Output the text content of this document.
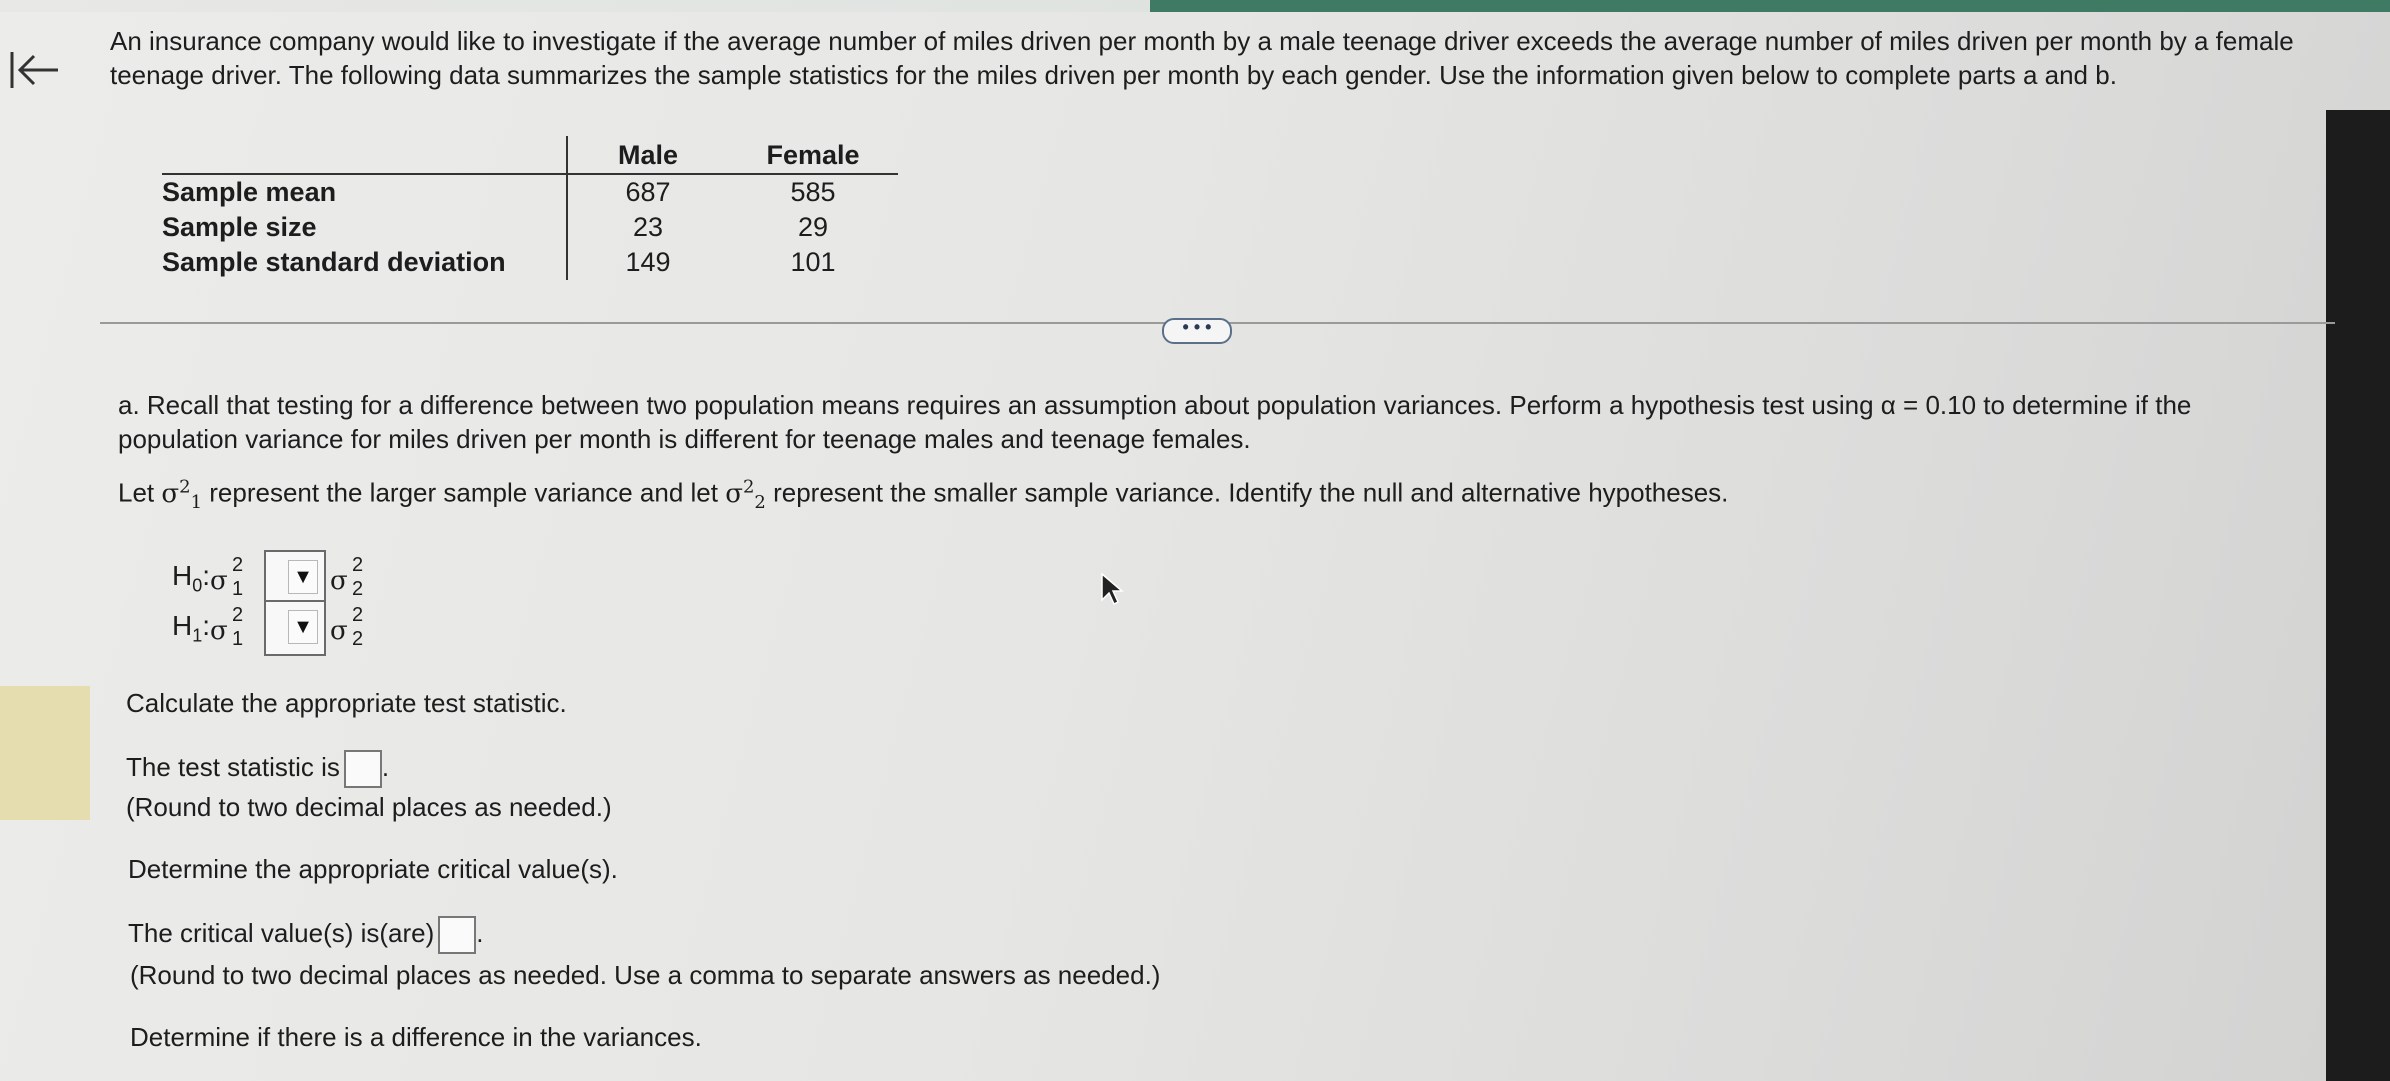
An insurance company would like to investigate if the average number of miles driven per month by a male teenage driver exceeds the average number of miles driven per month by a female teenage driver. The following data summarizes the sample statistics for the miles driven per month by each gender. Use the information given below to complete parts a and b.
	Male	Female
Sample mean	687	585
Sample size	23	29
Sample standard deviation	149	101
• • •
a. Recall that testing for a difference between two population means requires an assumption about population variances. Perform a hypothesis test using α = 0.10 to determine if the population variance for miles driven per month is different for teenage males and teenage females.
Let $\sigma^2_1$ represent the larger sample variance and let $\sigma^2_2$ represent the smaller sample variance. Identify the null and alternative hypotheses.
$H_0$: σ
2
1
▼ σ
2
2
$H_1$: σ
2
1
▼ σ
2
2
Calculate the appropriate test statistic.
The test statistic is .
(Round to two decimal places as needed.)
Determine the appropriate critical value(s).
The critical value(s) is(are) .
(Round to two decimal places as needed. Use a comma to separate answers as needed.)
Determine if there is a difference in the variances.
